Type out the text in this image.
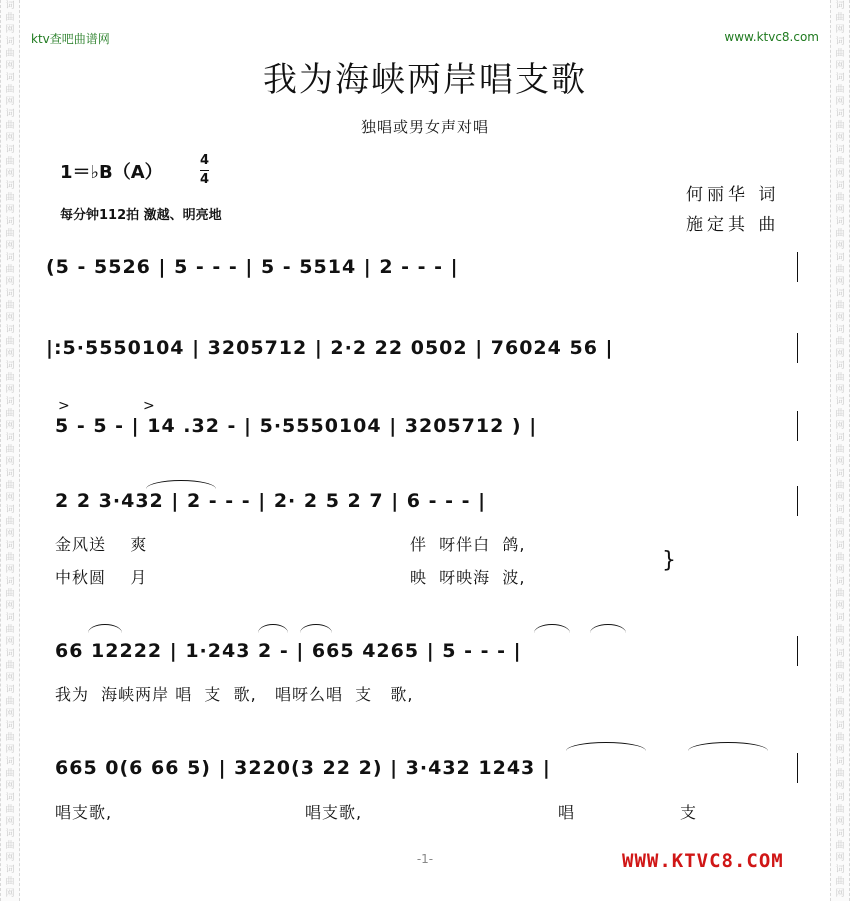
词
曲
网
词
曲
网
词
曲
网
词
曲
网
词
曲
网
词
曲
网
词
曲
网
词
曲
网
词
曲
网
词
曲
网
词
曲
网
词
曲
网
词
曲
网
词
曲
网
词
曲
网
词
曲
网
词
曲
网
词
曲
网
词
曲
网
词
曲
网
词
曲
网
词
曲
网
词
曲
网
词
曲
网
词
曲
网
词
曲
网
词
曲
网
词
曲
网
词
曲
网
词
曲
网
词
曲
网
词
曲
网
词
曲
网
词
曲
网
词
曲
网
词
曲
网
词
曲
网
词
曲
网
词
曲
网
词
曲
网
词
曲
网
词
曲
网
词
曲
网
词
曲
网
词
曲
网
词
曲
网
词
曲
网
词
曲
网
词
曲
网
词
曲
网
ktv查吧曲谱网	www.ktvc8.com
我为海峡两岸唱支歌
独唱或男女声对唱
1＝♭B（A）
4
4
每分钟112拍 激越、明亮地
何丽华 词
施定其 曲
(5 - 5526 | 5 - - - | 5 - 5514 | 2 - - - |
|:5·5550104 | 3205712 | 2·2 22 0502 | 76024 56 |
>	>
5 - 5 - | 14 .32 - | 5·5550104 | 3205712 ) |
2 2 3·432 | 2 - - - | 2· 2 5 2 7 | 6 - - - |
金风送    爽	伴  呀伴白  鸽,
中秋圆    月	映  呀映海  波,
}
66 12222 | 1·243 2 - | 665 4265 | 5 - - - |
我为  海峡两岸 唱  支  歌,   唱呀么唱  支   歌,
665 0(6 66 5) | 3220(3 22 2) | 3·432 1243 |
唱支歌,	唱支歌,	唱	支
-1-	WWW.KTVC8.COM
